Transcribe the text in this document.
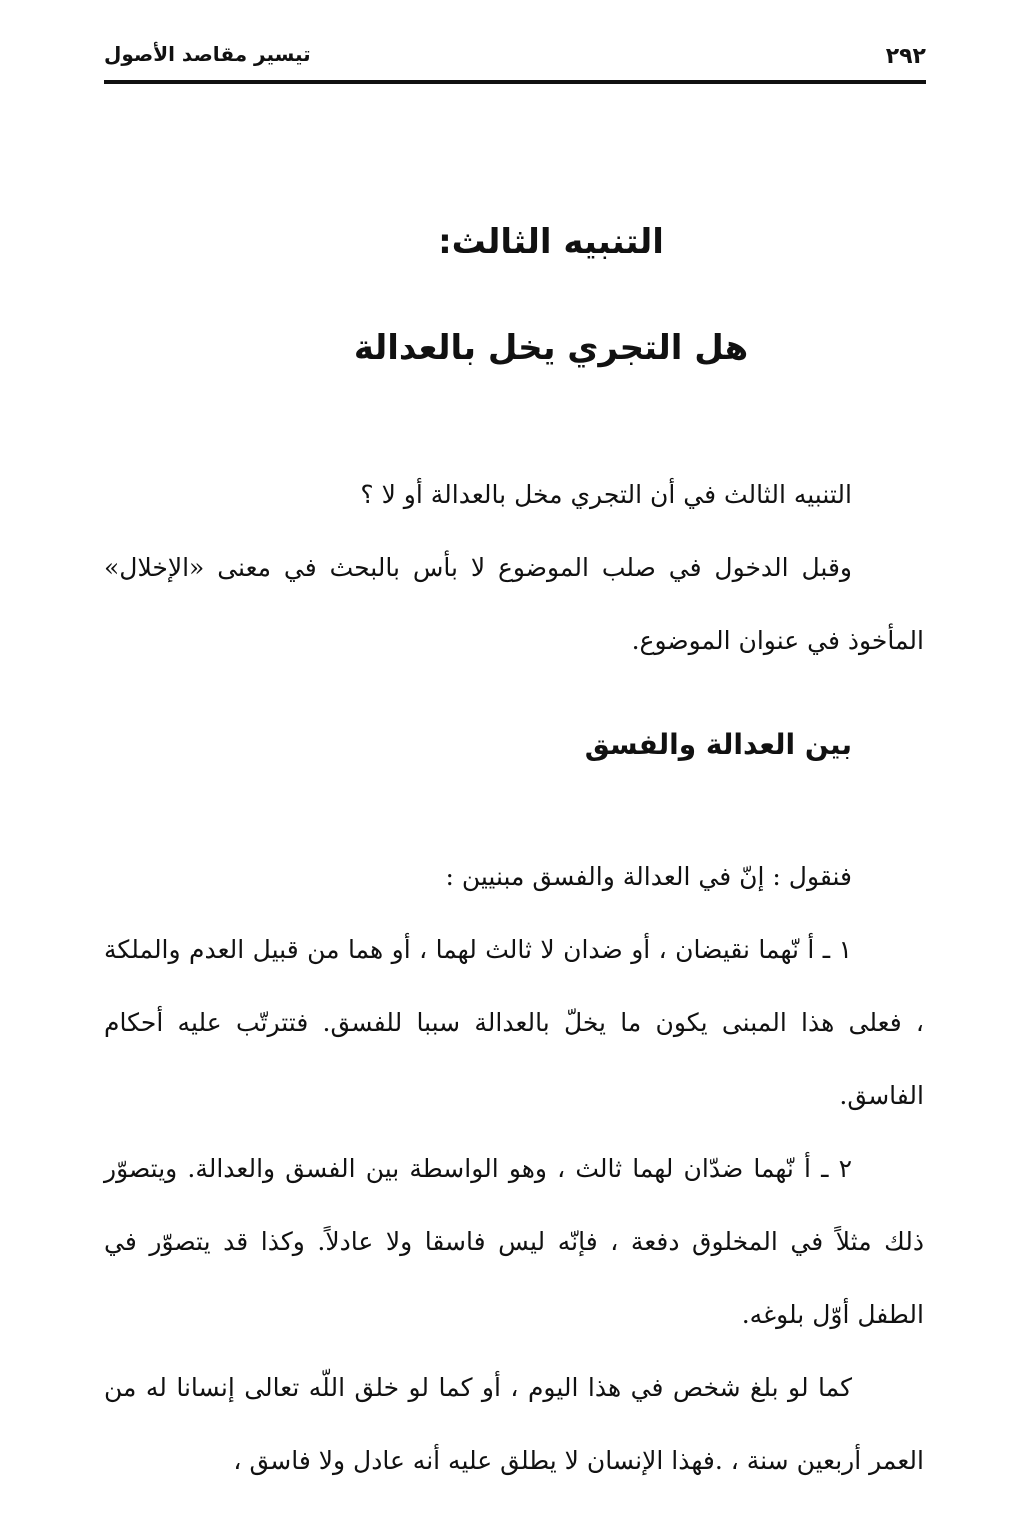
٢٩٢
تيسير مقاصد الأصول
التنبيه الثالث:
هل التجري يخل بالعدالة

التنبيه الثالث في أن التجري مخل بالعدالة أو لا ؟

وقبل الدخول في صلب الموضوع لا بأس بالبحث في معنى «الإخلال» المأخوذ في عنوان الموضوع.

بين العدالة والفسق

فنقول : إنّ في العدالة والفسق مبنيين :

١ ـ أ نّهما نقيضان ، أو ضدان لا ثالث لهما ، أو هما من قبيل العدم والملكة ، فعلى هذا المبنى يكون ما يخلّ بالعدالة سببا للفسق. فتترتّب عليه أحكام الفاسق.

٢ ـ أ نّهما ضدّان لهما ثالث ، وهو الواسطة بين الفسق والعدالة. ويتصوّر ذلك مثلاً في المخلوق دفعة ، فإنّه ليس فاسقا ولا عادلاً. وكذا قد يتصوّر في الطفل أوّل بلوغه.

كما لو بلغ شخص في هذا اليوم ، أو كما لو خلق اللّه تعالى إنسانا له من العمر أربعين سنة ، .فهذا الإنسان لا يطلق عليه أنه عادل ولا فاسق ،
